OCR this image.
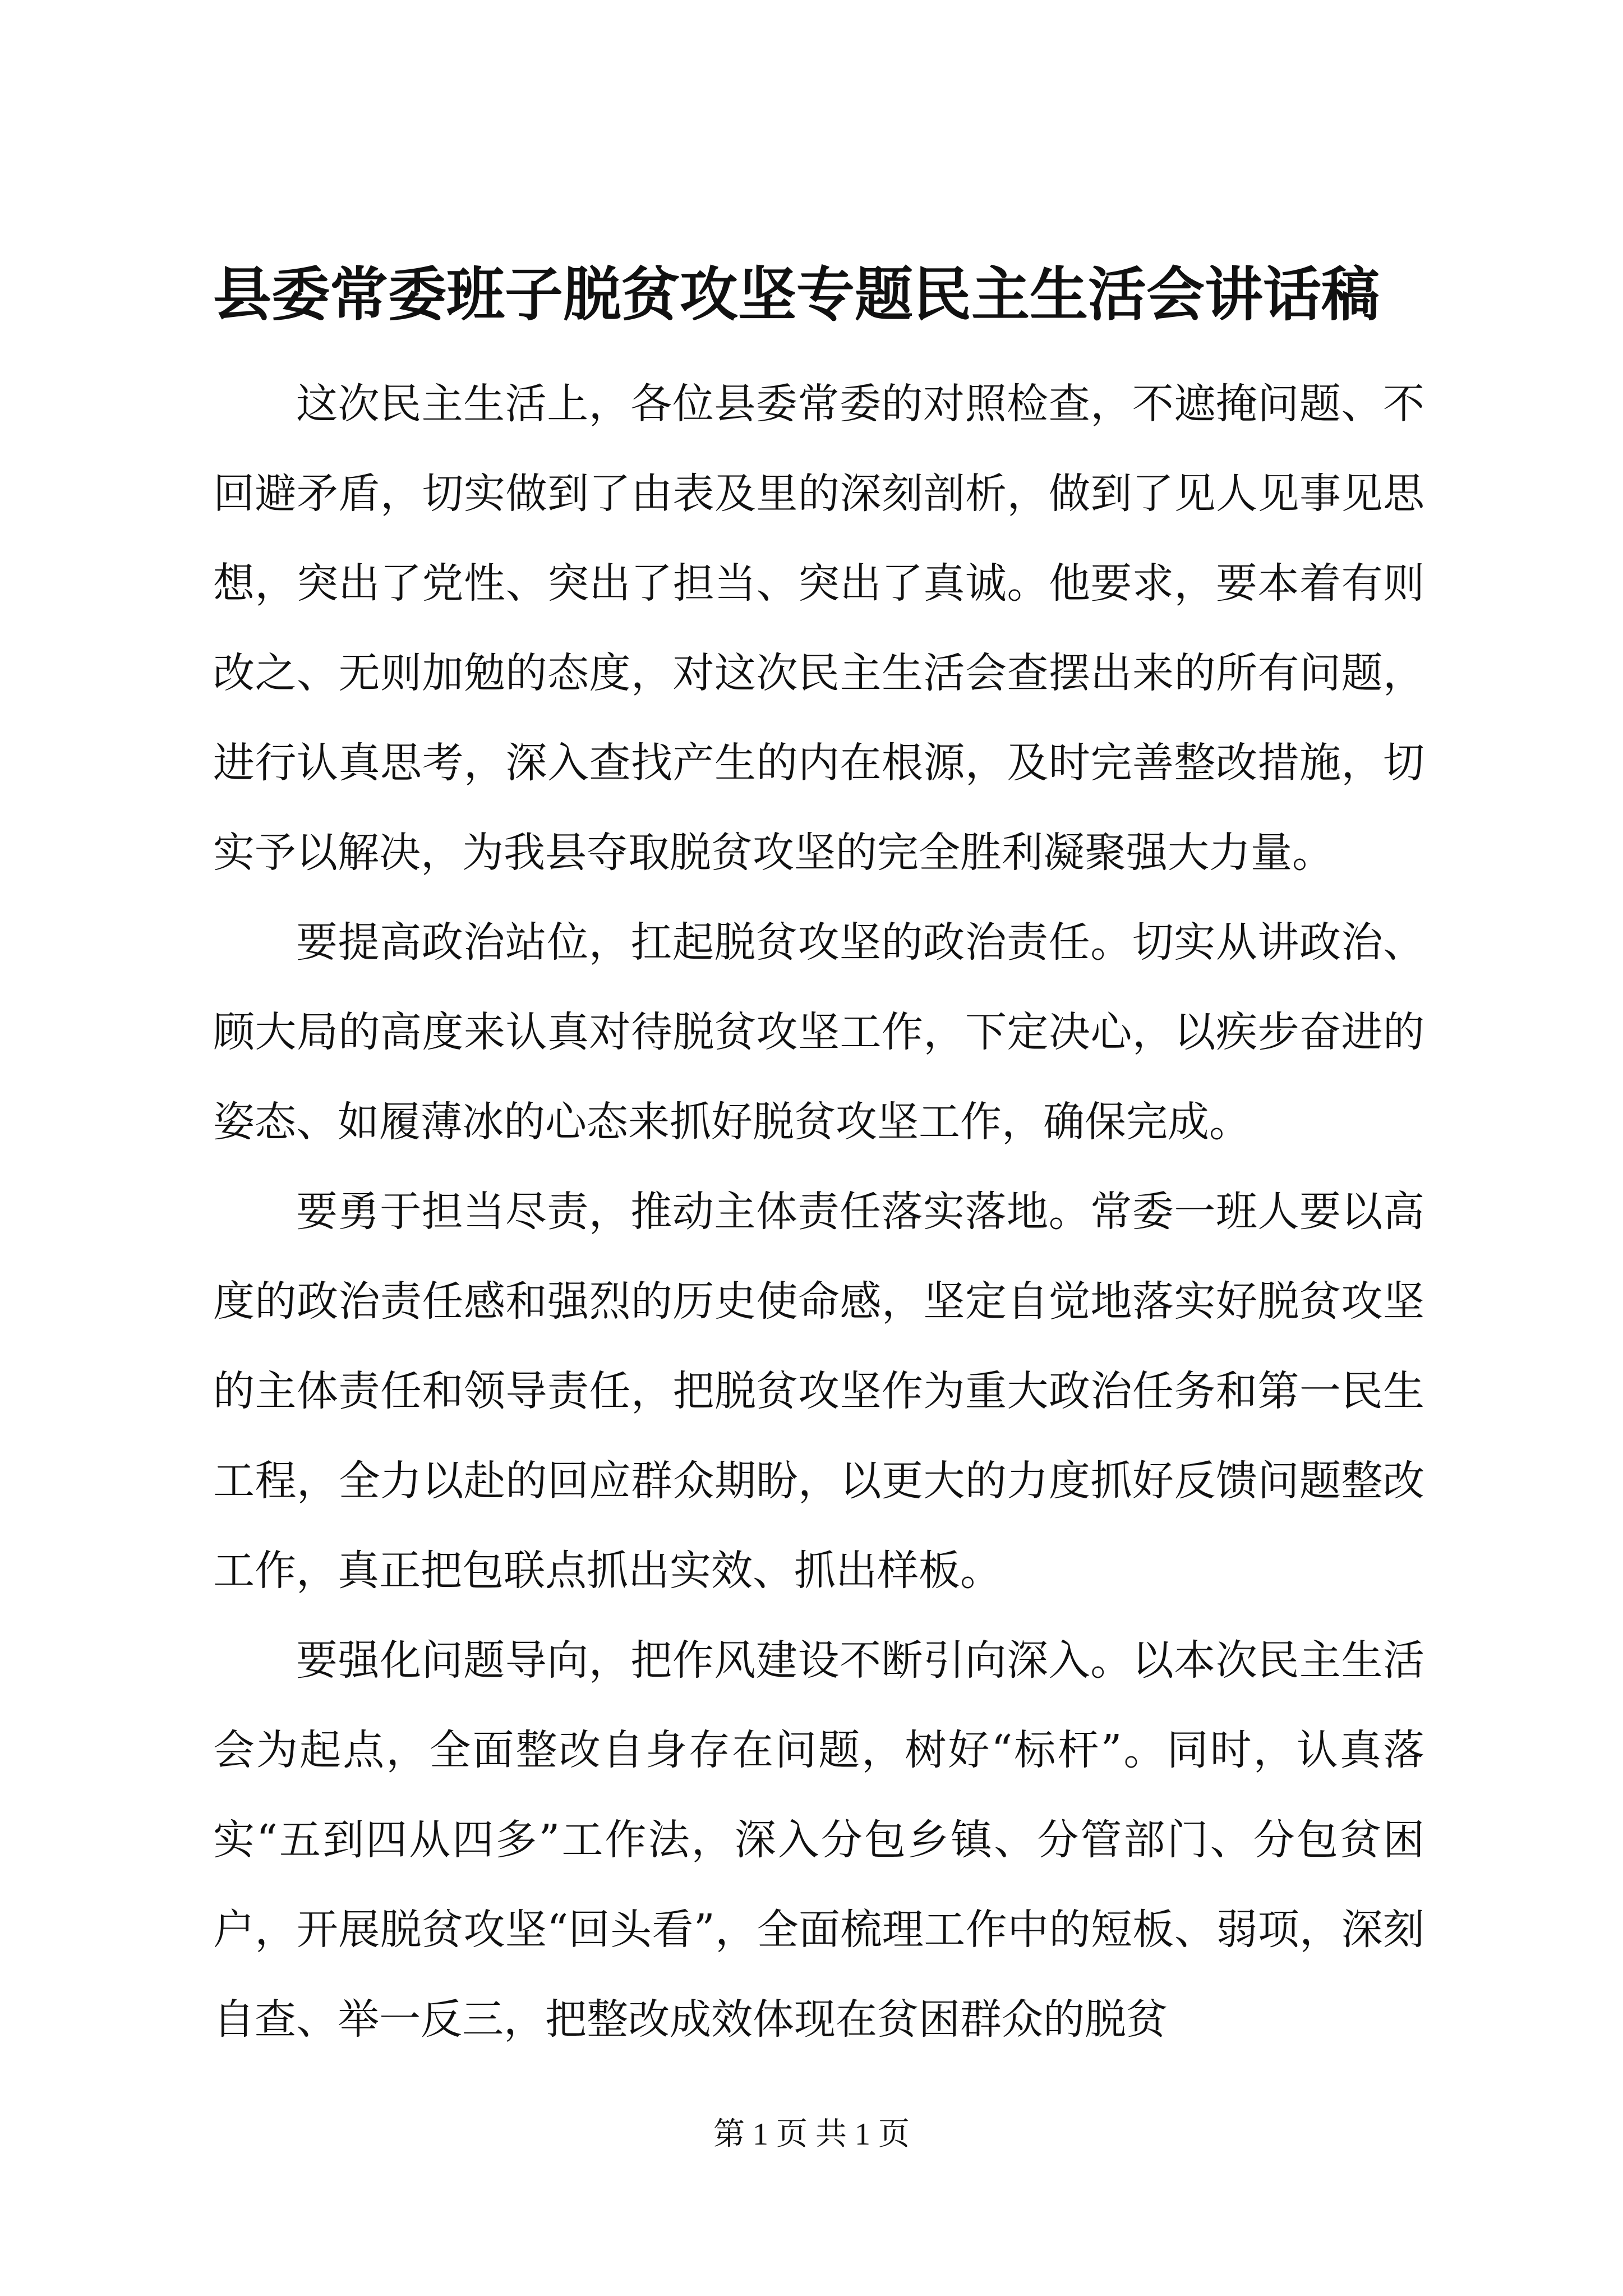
县委常委班子脱贫攻坚专题民主生活会讲话稿

这次民主生活上，各位县委常委的对照检查，不遮掩问题、不回避矛盾，切实做到了由表及里的深刻剖析，做到了见人见事见思想，突出了党性、突出了担当、突出了真诚。他要求，要本着有则改之、无则加勉的态度，对这次民主生活会查摆出来的所有问题，进行认真思考，深入查找产生的内在根源，及时完善整改措施，切实予以解决，为我县夺取脱贫攻坚的完全胜利凝聚强大力量。

要提高政治站位，扛起脱贫攻坚的政治责任。切实从讲政治、顾大局的高度来认真对待脱贫攻坚工作，下定决心，以疾步奋进的姿态、如履薄冰的心态来抓好脱贫攻坚工作，确保完成。

要勇于担当尽责，推动主体责任落实落地。常委一班人要以高度的政治责任感和强烈的历史使命感，坚定自觉地落实好脱贫攻坚的主体责任和领导责任，把脱贫攻坚作为重大政治任务和第一民生工程，全力以赴的回应群众期盼，以更大的力度抓好反馈问题整改工作，真正把包联点抓出实效、抓出样板。

要强化问题导向，把作风建设不断引向深入。以本次民主生活会为起点，全面整改自身存在问题，树好“标杆”。同时，认真落实“五到四从四多”工作法，深入分包乡镇、分管部门、分包贫困户，开展脱贫攻坚“回头看”，全面梳理工作中的短板、弱项，深刻自查、举一反三，把整改成效体现在贫困群众的脱贫

第 1 页 共 1 页
